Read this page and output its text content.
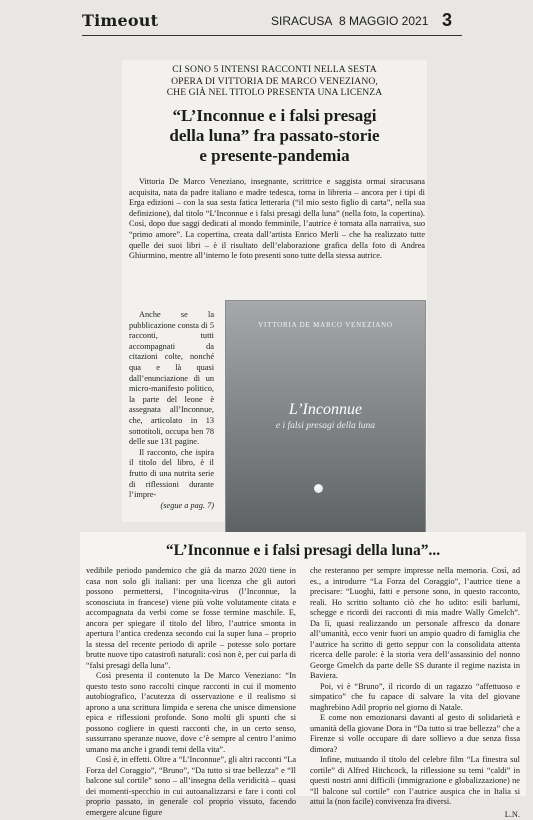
Timeout	SIRACUSA 8 MAGGIO 2021 3
CI SONO 5 INTENSI RACCONTI NELLA SESTA
OPERA DI VITTORIA DE MARCO VENEZIANO,
CHE GIÀ NEL TITOLO PRESENTA UNA LICENZA
“L’Inconnue e i falsi presagi
della luna” fra passato-storie
e presente-pandemia
Vittoria De Marco Veneziano, insegnante, scrittrice e saggista ormai siracusana acquisita, nata da padre italiano e madre tedesca, torna in libreria – ancora per i tipi di Erga edizioni – con la sua sesta fatica letteraria (“il mio sesto figlio di carta”, nella sua definizione), dal titolo “L’Inconnue e i falsi presagi della luna” (nella foto, la copertina). Così, dopo due saggi dedicati al mondo femminile, l’autrice è tornata alla narrativa, suo “primo amore”. La copertina, creata dall’artista Enrico Merli – che ha realizzato tutte quelle dei suoi libri – è il risultato dell’elaborazione grafica della foto di Andrea Ghiurmino, mentre all’interno le foto presenti sono tutte della stessa autrice.

Anche se la pubblicazione consta di 5 racconti, tutti accompagnati da citazioni colte, nonché qua e là quasi dall’enunciazione di un micro-manifesto politico, la parte del leone è assegnata all’Inconnue, che, articolato in 13 sottotitoli, occupa ben 78 delle sue 131 pagine.

Il racconto, che ispira il titolo del libro, è il frutto di una nutrita serie di riflessioni durante l’impre-

(segue a pag. 7)

VITTORIA DE MARCO VENEZIANO
L’Inconnue
e i falsi presagi della luna
“L’Inconnue e i falsi presagi della luna”...

vedibile periodo pandemico che già da marzo 2020 tiene in casa non solo gli italiani: per una licenza che gli autori possono permettersi, l’incognita-virus (l’Inconnue, la sconosciuta in francese) viene più volte volutamente citata e accompagnata da verbi come se fosse termine maschile. E, ancora per spiegare il titolo del libro, l’autrice smonta in apertura l’antica credenza secondo cui la super luna – proprio la stessa del recente periodo di aprile – potesse solo portare brutte nuove tipo catastrofi naturali: così non è, per cui parla di “falsi presagi della luna”.

Così presenta il contenuto la De Marco Veneziano: “In questo testo sono raccolti cinque racconti in cui il momento autobiografico, l’acutezza di osservazione e il realismo si aprono a una scrittura limpida e serena che unisce dimensione epica e riflessioni profonde. Sono molti gli spunti che si possono cogliere in questi racconti che, in un certo senso, sussurrano speranze nuove, dove c’è sempre al centro l’animo umano ma anche i grandi temi della vita”.

Così è, in effetti. Oltre a “L’Inconnue”, gli altri racconti “La Forza del Coraggio”, “Bruno”, “Da tutto si trae bellezza” e “Il balcone sul cortile” sono – all’insegna della veridicità – quasi dei momenti-specchio in cui autoanalizzarsi e fare i conti col proprio passato, in generale col proprio vissuto, facendo emergere alcune figure

che resteranno per sempre impresse nella memoria. Così, ad es., a introdurre “La Forza del Coraggio”, l’autrice tiene a precisare: “Luoghi, fatti e persone sono, in questo racconto, reali. Ho scritto soltanto ciò che ho udito: esili barlumi, schegge e ricordi dei racconti di mia madre Wally Gmelch”. Da lì, quasi realizzando un personale affresco da donare all’umanità, ecco venir fuori un ampio quadro di famiglia che l’autrice ha scritto di getto seppur con la consolidata attenta ricerca delle parole: è la storia vera dell’assassinio del nonno George Gmelch da parte delle SS durante il regime nazista in Baviera.

Poi, vi è “Bruno”, il ricordo di un ragazzo “affettuoso e simpatico” che fu capace di salvare la vita del giovane maghrebino Adil proprio nel giorno di Natale.

E come non emozionarsi davanti al gesto di solidarietà e umanità della giovane Dora in “Da tutto si trae bellezza” che a Firenze si volle occupare di dare sollievo a due senza fissa dimora?

Infine, mutuando il titolo del celebre film “La finestra sul cortile” di Alfred Hitchcock, la riflessione su temi “caldi” in questi nostri anni difficili (immigrazione e globalizzazione) ne “Il balcone sul cortile” con l’autrice auspica che in Italia si attui la (non facile) convivenza fra diversi.

L.N.
